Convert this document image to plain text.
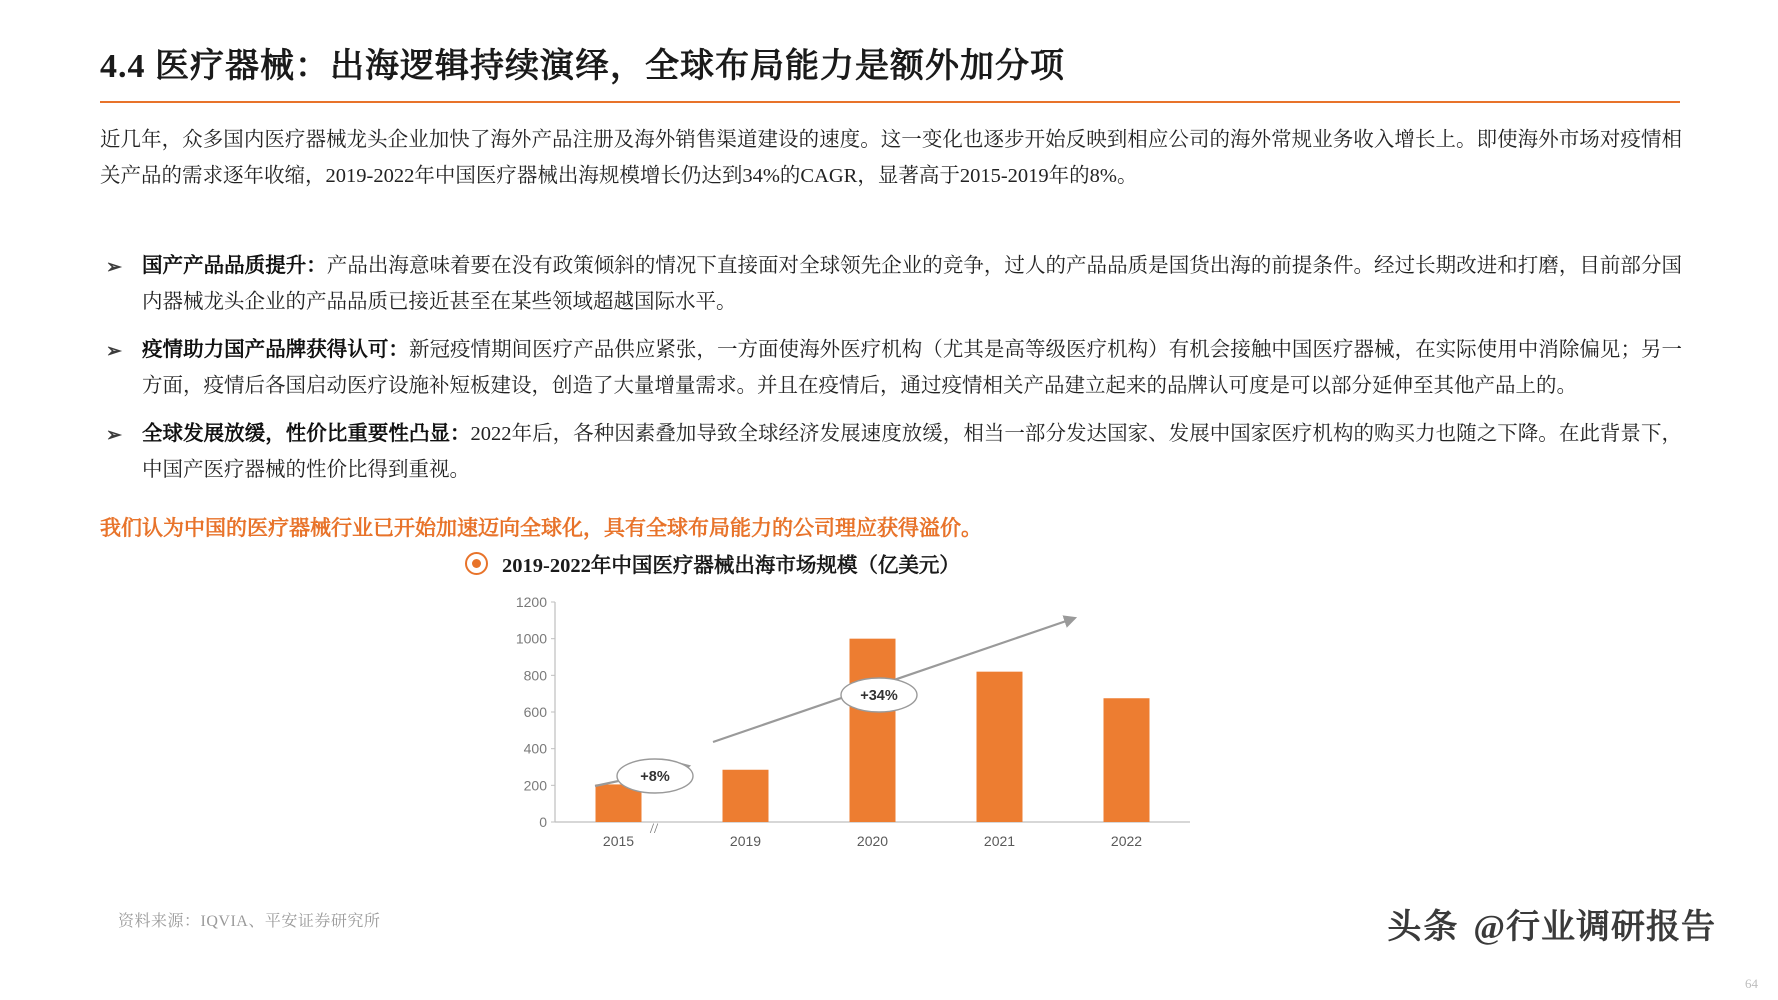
4.4 医疗器械：出海逻辑持续演绎，全球布局能力是额外加分项
近几年，众多国内医疗器械龙头企业加快了海外产品注册及海外销售渠道建设的速度。这一变化也逐步开始反映到相应公司的海外常规业务收入增长上。即使海外市场对疫情相关产品的需求逐年收缩，2019-2022年中国医疗器械出海规模增长仍达到34%的CAGR，显著高于2015-2019年的8%。
➢ 国产产品品质提升：产品出海意味着要在没有政策倾斜的情况下直接面对全球领先企业的竞争，过人的产品品质是国货出海的前提条件。经过长期改进和打磨，目前部分国内器械龙头企业的产品品质已接近甚至在某些领域超越国际水平。
➢ 疫情助力国产品牌获得认可：新冠疫情期间医疗产品供应紧张，一方面使海外医疗机构（尤其是高等级医疗机构）有机会接触中国医疗器械，在实际使用中消除偏见；另一方面，疫情后各国启动医疗设施补短板建设，创造了大量增量需求。并且在疫情后，通过疫情相关产品建立起来的品牌认可度是可以部分延伸至其他产品上的。
➢ 全球发展放缓，性价比重要性凸显：2022年后，各种因素叠加导致全球经济发展速度放缓，相当一部分发达国家、发展中国家医疗机构的购买力也随之下降。在此背景下，中国产医疗器械的性价比得到重视。
我们认为中国的医疗器械行业已开始加速迈向全球化，具有全球布局能力的公司理应获得溢价。
2019-2022年中国医疗器械出海市场规模（亿美元）
0
200
400
600
800
1000
1200
2015	2019	2020	2021	2022
//
+8%
+34%
资料来源：IQVIA、平安证券研究所	头条 @行业调研报告
64
